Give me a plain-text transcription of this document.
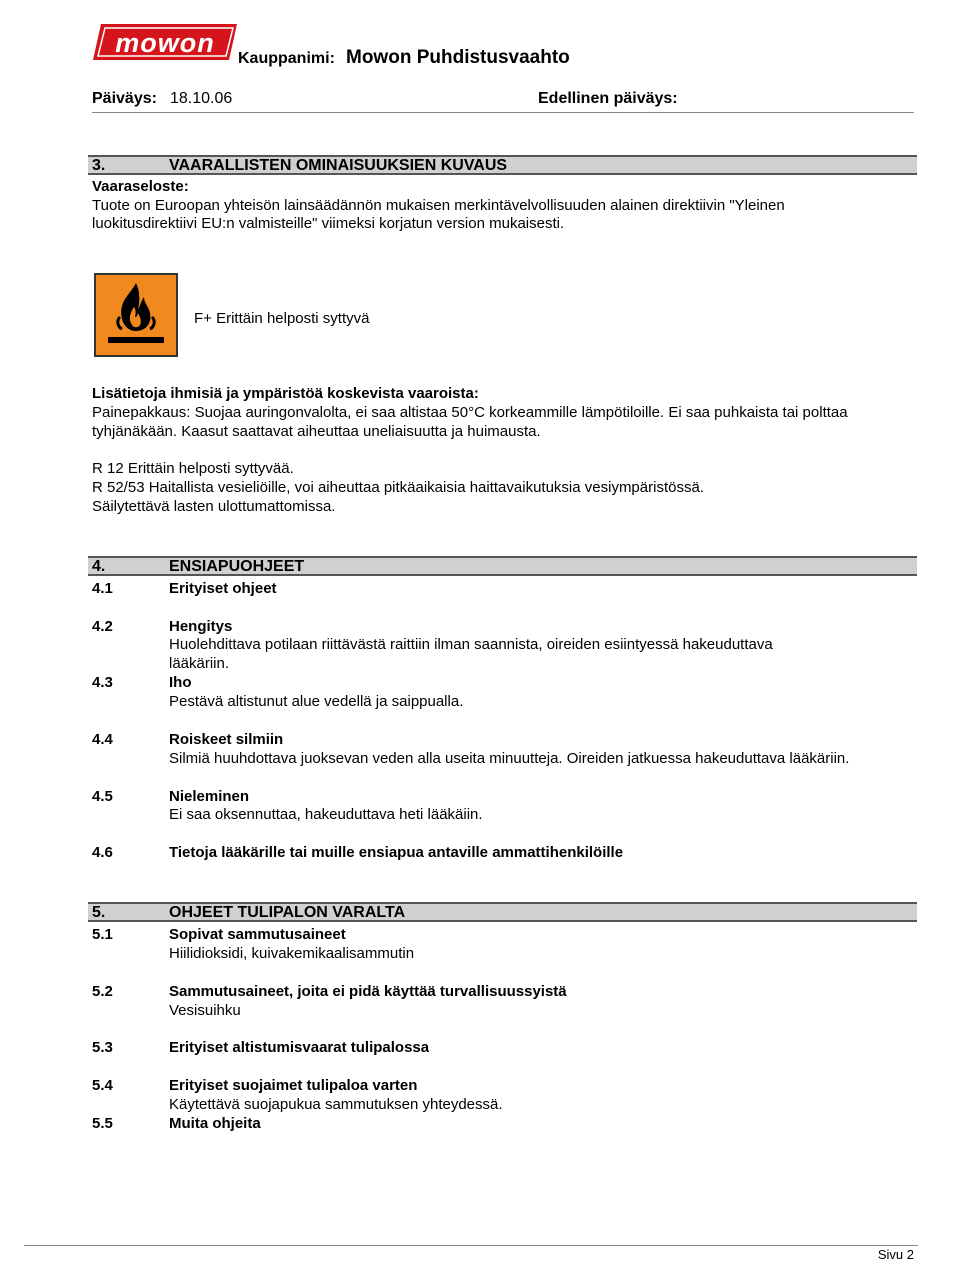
mowon
Kauppanimi: Mowon Puhdistusvaahto
Päiväys: 18.10.06	Edellinen päiväys:
3.	VAARALLISTEN OMINAISUUKSIEN KUVAUS
Vaaraseloste:
Tuote on Euroopan yhteisön lainsäädännön mukaisen merkintävelvollisuuden alainen direktiivin "Yleinen
luokitusdirektiivi EU:n valmisteille" viimeksi korjatun version mukaisesti.
F+ Erittäin helposti syttyvä
Lisätietoja ihmisiä ja ympäristöä koskevista vaaroista:
Painepakkaus: Suojaa auringonvalolta, ei saa altistaa 50°C korkeammille lämpötiloille. Ei saa puhkaista tai polttaa
tyhjänäkään. Kaasut saattavat aiheuttaa uneliaisuutta ja huimausta.
R 12 Erittäin helposti syttyvää.
R 52/53 Haitallista vesieliöille, voi aiheuttaa pitkäaikaisia haittavaikutuksia vesiympäristössä.
Säilytettävä lasten ulottumattomissa.
4.	ENSIAPUOHJEET
4.1	Erityiset ohjeet
4.2	Hengitys
Huolehdittava potilaan riittävästä raittiin ilman saannista, oireiden esiintyessä hakeuduttava
lääkäriin.
4.3	Iho
Pestävä altistunut alue vedellä ja saippualla.
4.4	Roiskeet silmiin
Silmiä huuhdottava juoksevan veden alla useita minuutteja. Oireiden jatkuessa hakeuduttava lääkäriin.
4.5	Nieleminen
Ei saa oksennuttaa, hakeuduttava heti lääkäiin.
4.6	Tietoja lääkärille tai muille ensiapua antaville ammattihenkilöille
5.	OHJEET TULIPALON VARALTA
5.1	Sopivat sammutusaineet
Hiilidioksidi, kuivakemikaalisammutin
5.2	Sammutusaineet, joita ei pidä käyttää turvallisuussyistä
Vesisuihku
5.3	Erityiset altistumisvaarat tulipalossa
5.4	Erityiset suojaimet tulipaloa varten
Käytettävä suojapukua sammutuksen yhteydessä.
5.5	Muita ohjeita
Sivu 2
